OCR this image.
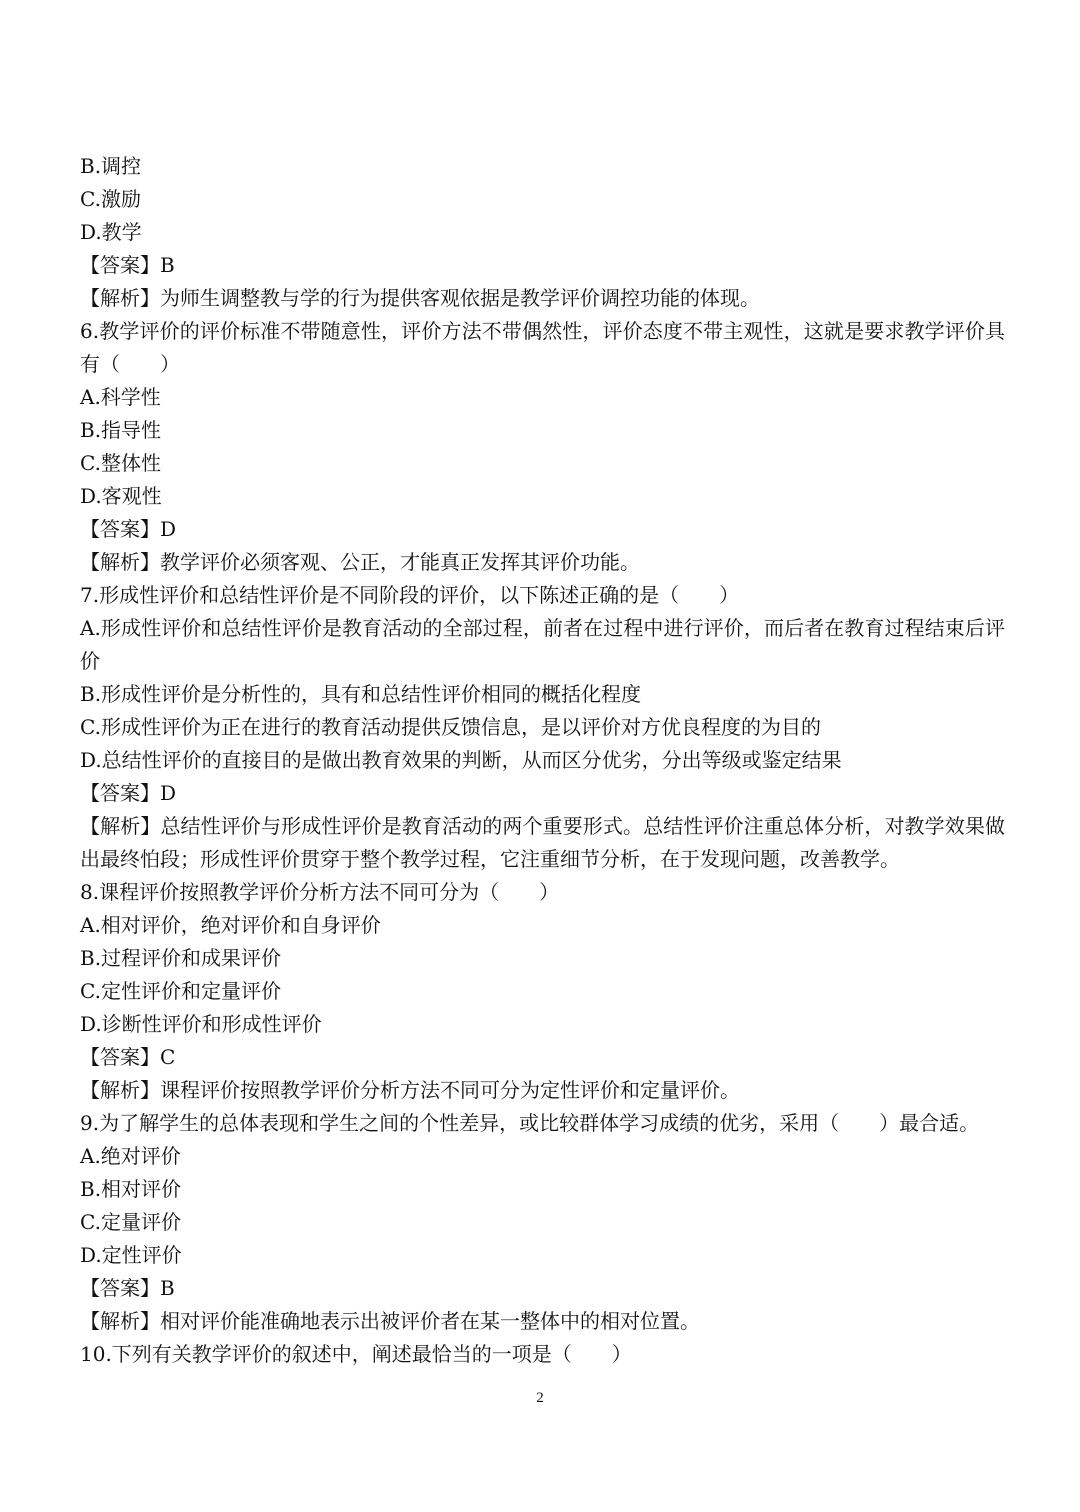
B.调控
C.激励
D.教学
【答案】B
【解析】为师生调整教与学的行为提供客观依据是教学评价调控功能的体现。
6.教学评价的评价标准不带随意性，评价方法不带偶然性，评价态度不带主观性，这就是要求教学评价具有（　　）
A.科学性
B.指导性
C.整体性
D.客观性
【答案】D
【解析】教学评价必须客观、公正，才能真正发挥其评价功能。
7.形成性评价和总结性评价是不同阶段的评价，以下陈述正确的是（　　）
A.形成性评价和总结性评价是教育活动的全部过程，前者在过程中进行评价，而后者在教育过程结束后评价
B.形成性评价是分析性的，具有和总结性评价相同的概括化程度
C.形成性评价为正在进行的教育活动提供反馈信息，是以评价对方优良程度的为目的
D.总结性评价的直接目的是做出教育效果的判断，从而区分优劣，分出等级或鉴定结果
【答案】D
【解析】总结性评价与形成性评价是教育活动的两个重要形式。总结性评价注重总体分析，对教学效果做出最终怕段；形成性评价贯穿于整个教学过程，它注重细节分析，在于发现问题，改善教学。
8.课程评价按照教学评价分析方法不同可分为（　　）
A.相对评价，绝对评价和自身评价
B.过程评价和成果评价
C.定性评价和定量评价
D.诊断性评价和形成性评价
【答案】C
【解析】课程评价按照教学评价分析方法不同可分为定性评价和定量评价。
9.为了解学生的总体表现和学生之间的个性差异，或比较群体学习成绩的优劣，采用（　　）最合适。
A.绝对评价
B.相对评价
C.定量评价
D.定性评价
【答案】B
【解析】相对评价能准确地表示出被评价者在某一整体中的相对位置。
10.下列有关教学评价的叙述中，阐述最恰当的一项是（　　）
2
